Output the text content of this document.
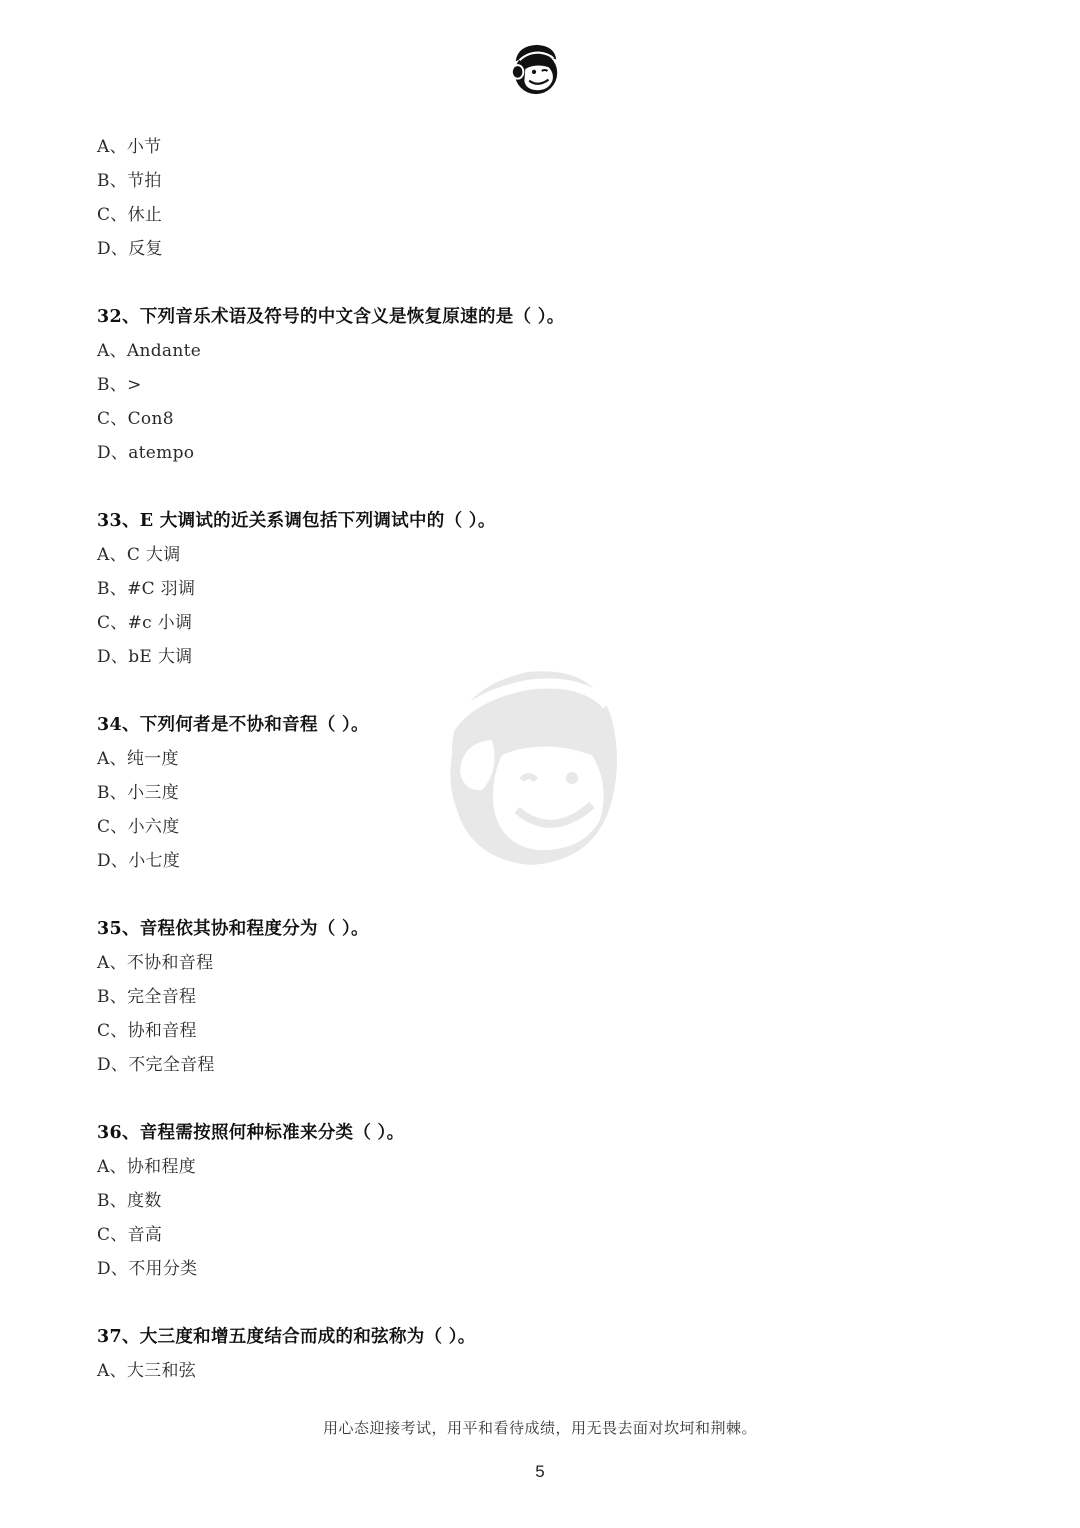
A、小节
B、节拍
C、休止
D、反复
32、下列音乐术语及符号的中文含义是恢复原速的是（ ）。
A、Andante
B、>
C、Con8
D、atempo
33、E 大调试的近关系调包括下列调试中的（ ）。
A、C 大调
B、#C 羽调
C、#c 小调
D、bE 大调
34、下列何者是不协和音程（ ）。
A、纯一度
B、小三度
C、小六度
D、小七度
35、音程依其协和程度分为（ ）。
A、不协和音程
B、完全音程
C、协和音程
D、不完全音程
36、音程需按照何种标准来分类（ ）。
A、协和程度
B、度数
C、音高
D、不用分类
37、大三度和增五度结合而成的和弦称为（ ）。
A、大三和弦
用心态迎接考试，用平和看待成绩，用无畏去面对坎坷和荆棘。
5
